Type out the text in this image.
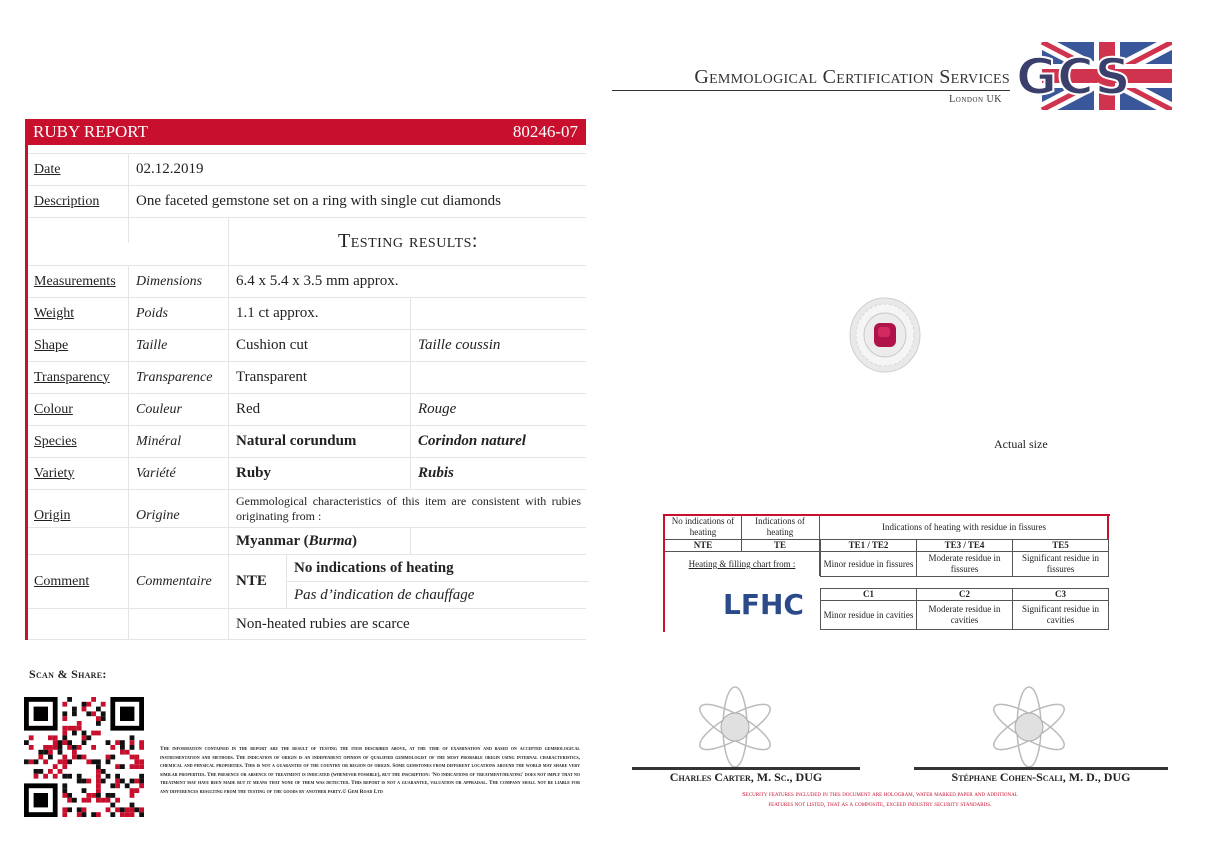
Gemmological Certification Services
London UK GCS
RUBY REPORT	80246-07
Date	02.12.2019
Description	One faceted gemstone set on a ring with single cut diamonds
Testing results:
Measurements	Dimensions	6.4 x 5.4 x 3.5 mm approx.
Weight	Poids	1.1 ct approx.
Shape	Taille	Cushion cut	Taille coussin
Transparency	Transparence	Transparent
Colour	Couleur	Red	Rouge
Species	Minéral	Natural corundum	Corindon naturel
Variety	Variété	Ruby	Rubis
Origin	Origine
Gemmological characteristics of this item are consistent with rubies originating from :
Myanmar ( Burma )
Comment	Commentaire	NTE
No indications of heating
Pas d’indication de chauffage
Non-heated rubies are scarce
Actual size
No indications of heating
NTE
Indications of heating
TE
Indications of heating with residue in fissures
Heating & filling chart from :
LFHC
TE1 / TE2	TE3 / TE4	TE5
Minor residue in fissures	Moderate residue in fissures	Significant residue in fissures
C1	C2	C3
Minor residue in cavities	Moderate residue in cavities	Significant residue in cavities
Scan & Share:
The information contained in the report are the result of testing the item described above, at the time of examination and based on accepted gemmological instrumentation and methods. The indication of origin is an independent opinion of qualified gemmologist of the most probable origin using internal characteristics, chemical and physical properties. This is not a guarantee of the country or region of origin. Some gemstones from different locations around the world may share very similar properties. The presence or absence of treatment is indicated (whenever possible), but the inscription: 'No indications of treatment/heating' does not imply that no treatment may have been made but it means that none of them was detected. This report is not a guarantee, valuation or appraisal. The company shall not be liable for any differences resulting from the testing of the goods by another party.© Gem Road Ltd
Charles Carter, M. Sc., DUG	Stéphane Cohen-Scali, M. D., DUG
Security features included in this document are hologram, water marked paper and additional features not listed, that as a composite, exceed industry security standards.
